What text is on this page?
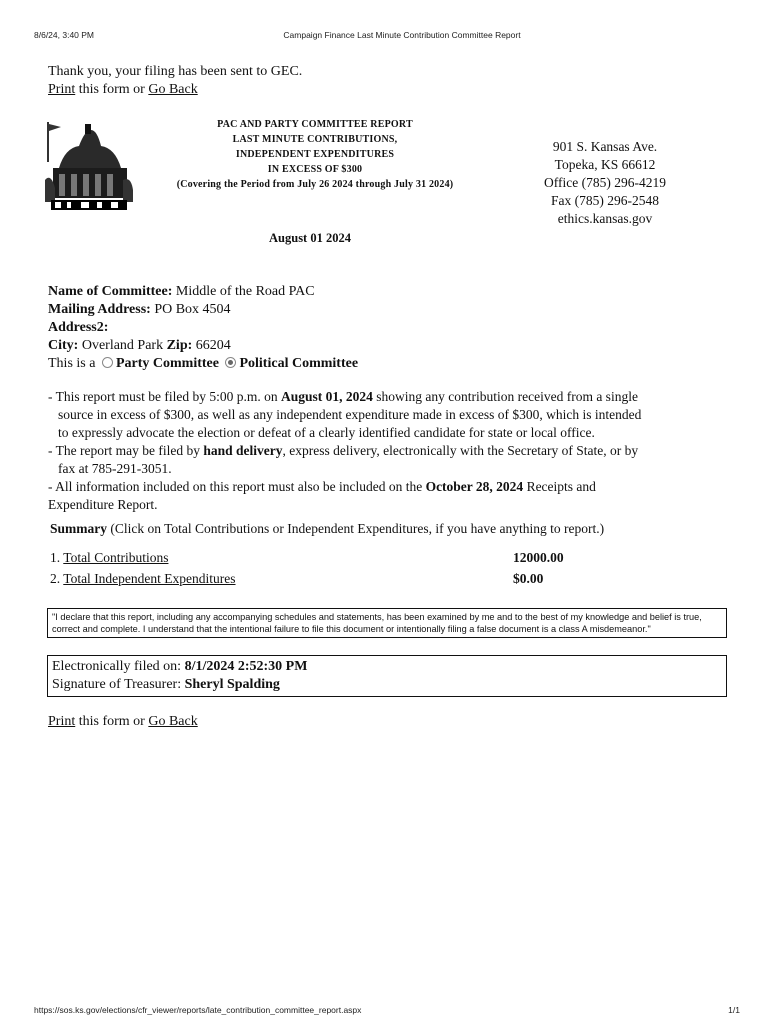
8/6/24, 3:40 PM	Campaign Finance Last Minute Contribution Committee Report
Thank you, your filing has been sent to GEC.
Print this form or Go Back
PAC AND PARTY COMMITTEE REPORT
LAST MINUTE CONTRIBUTIONS,
INDEPENDENT EXPENDITURES
IN EXCESS OF $300
(Covering the Period from July 26 2024 through July 31 2024)
901 S. Kansas Ave.
Topeka, KS 66612
Office (785) 296-4219
Fax (785) 296-2548
ethics.kansas.gov
August 01 2024
Name of Committee: Middle of the Road PAC
Mailing Address: PO Box 4504
Address2:
City: Overland Park Zip: 66204
This is a Party Committee Political Committee

- This report must be filed by 5:00 p.m. on August 01, 2024 showing any contribution received from a single

source in excess of $300, as well as any independent expenditure made in excess of $300, which is intended

to expressly advocate the election or defeat of a clearly identified candidate for state or local office.

- The report may be filed by hand delivery, express delivery, electronically with the Secretary of State, or by

fax at 785-291-3051.

- All information included on this report must also be included on the October 28, 2024 Receipts and

Expenditure Report.

Summary (Click on Total Contributions or Independent Expenditures, if you have anything to report.)
1. Total Contributions	12000.00
2. Total Independent Expenditures	$0.00
"I declare that this report, including any accompanying schedules and statements, has been examined by me and to the best of my knowledge and belief is true, correct and complete. I understand that the intentional failure to file this document or intentionally filing a false document is a class A misdemeanor."
Electronically filed on: 8/1/2024 2:52:30 PM
Signature of Treasurer: Sheryl Spalding
Print this form or Go Back
https://sos.ks.gov/elections/cfr_viewer/reports/late_contribution_committee_report.aspx	1/1
